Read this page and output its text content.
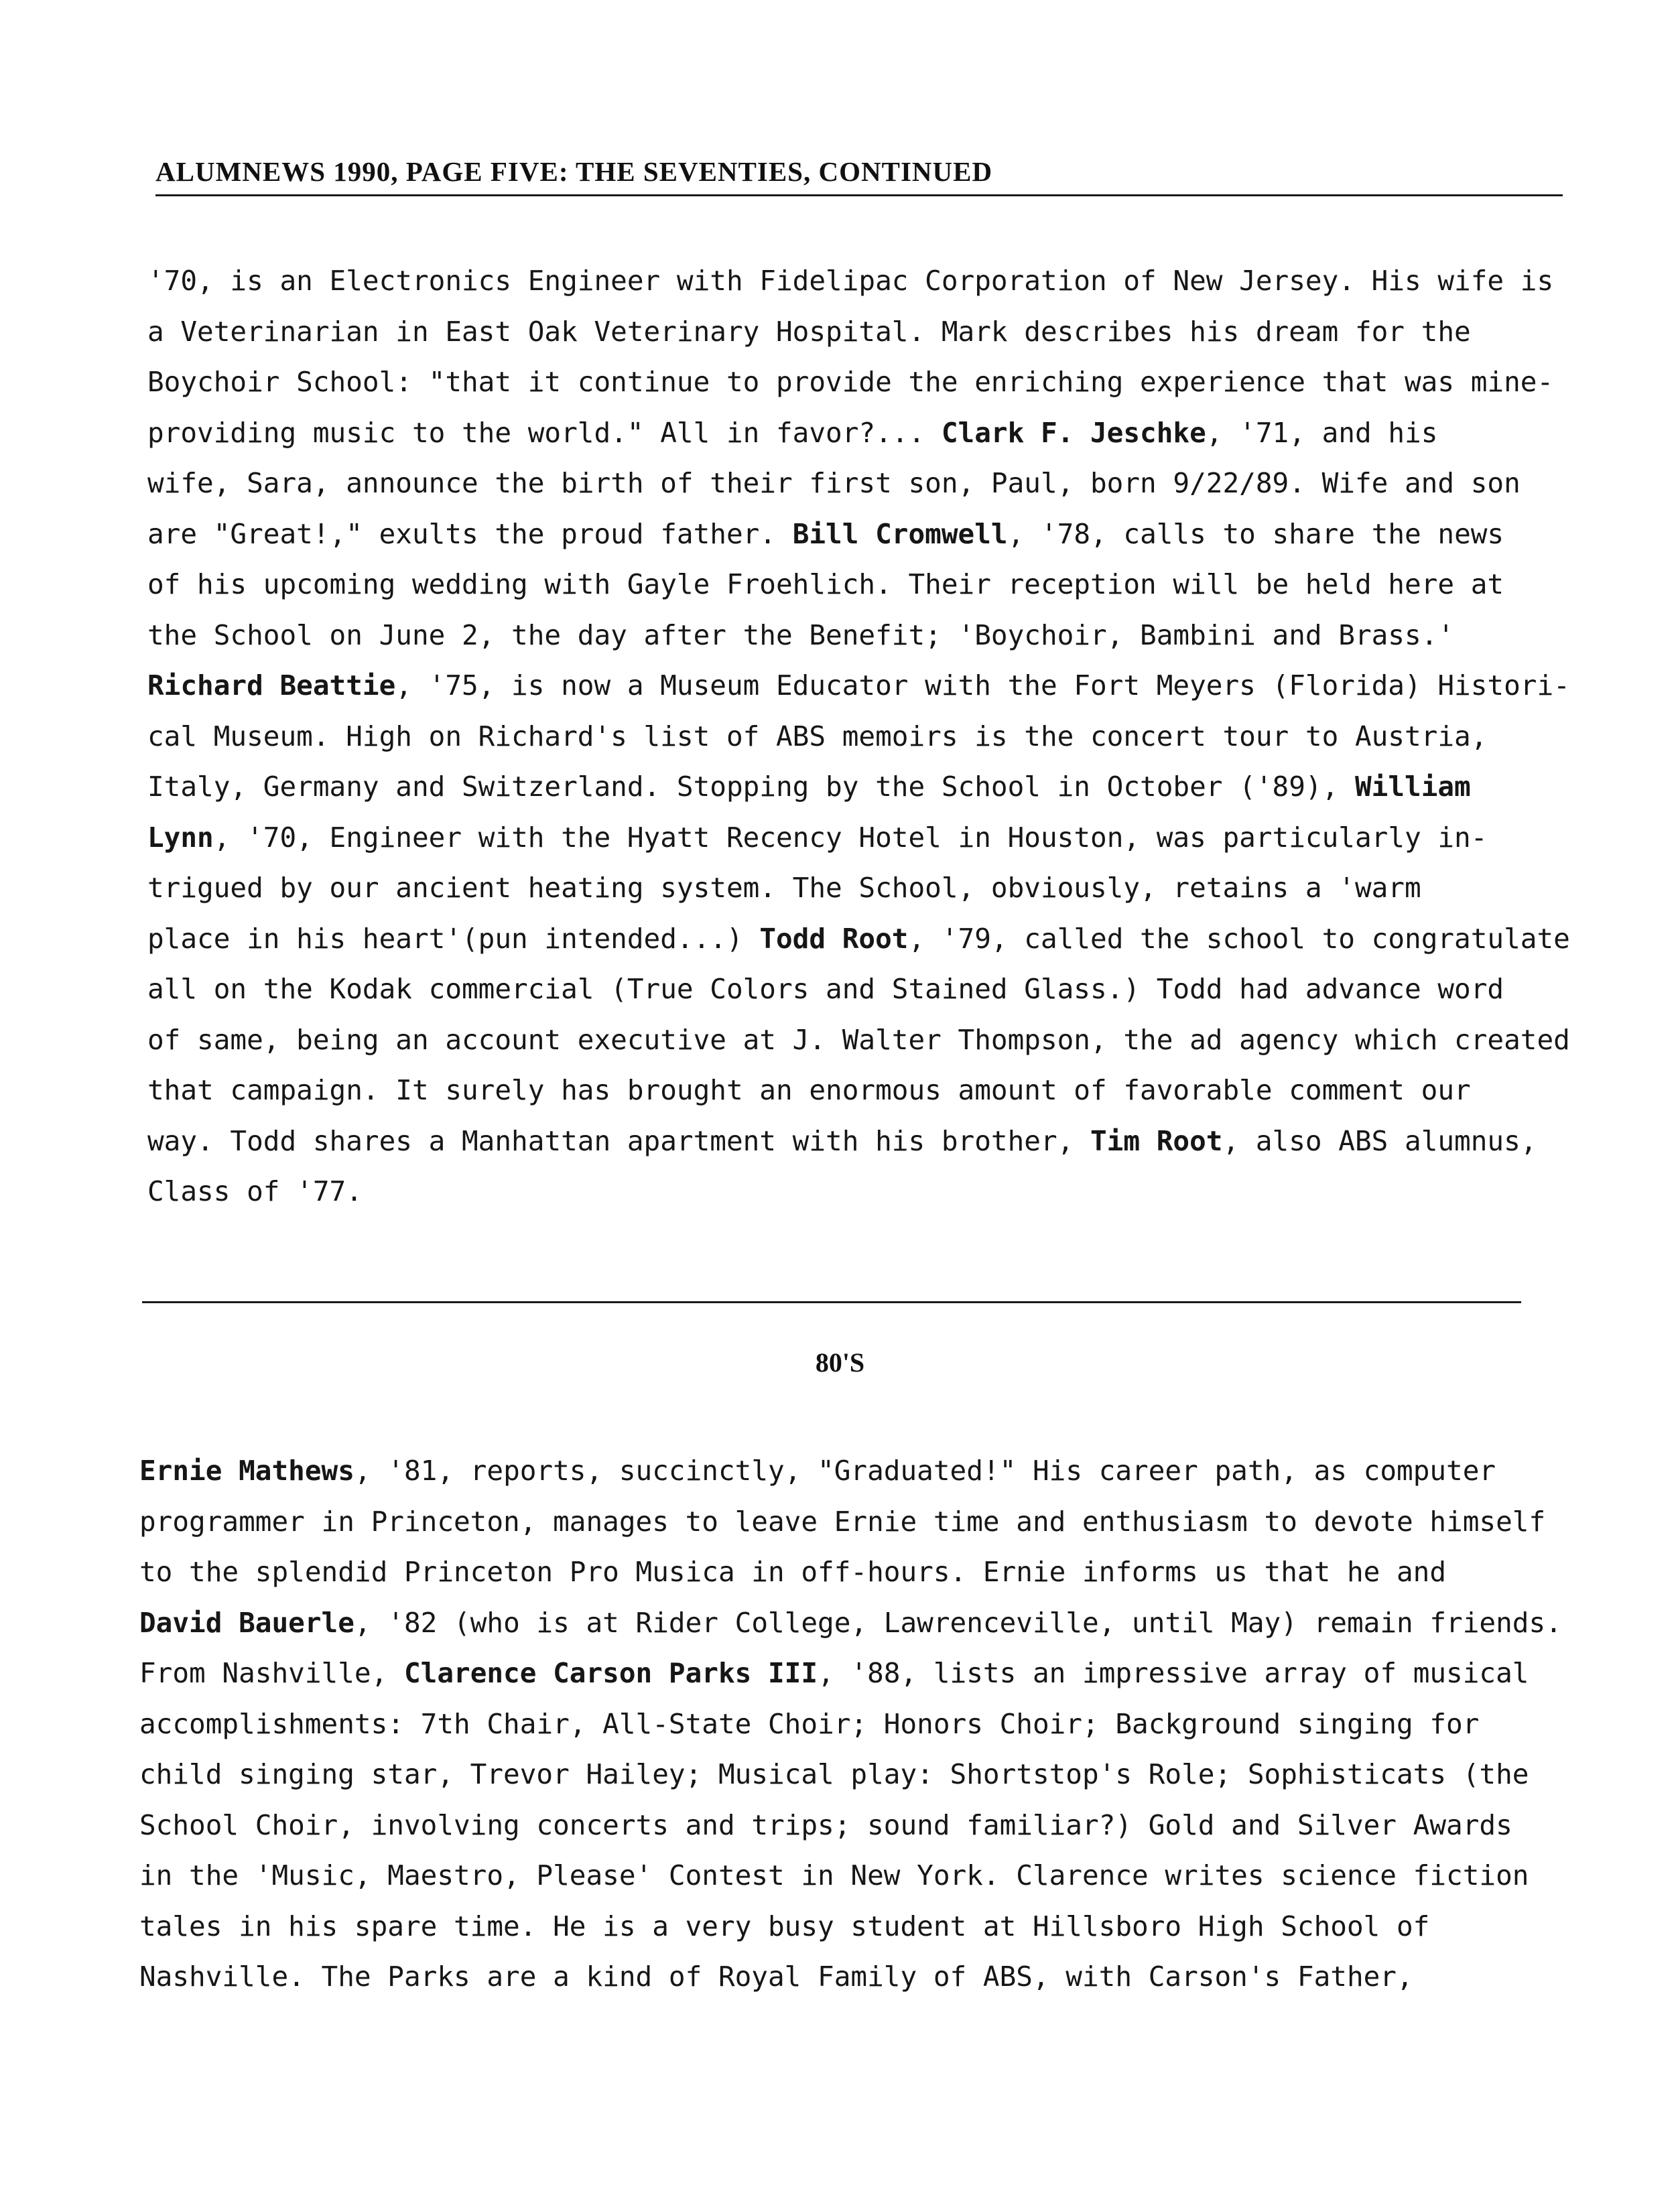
ALUMNEWS 1990, PAGE FIVE: THE SEVENTIES, CONTINUED
'70, is an Electronics Engineer with Fidelipac Corporation of New Jersey. His wife is
a Veterinarian in East Oak Veterinary Hospital. Mark describes his dream for the
Boychoir School: "that it continue to provide the enriching experience that was mine-
providing music to the world." All in favor?... Clark F. Jeschke, '71, and his
wife, Sara, announce the birth of their first son, Paul, born 9/22/89. Wife and son
are "Great!," exults the proud father. Bill Cromwell, '78, calls to share the news
of his upcoming wedding with Gayle Froehlich. Their reception will be held here at
the School on June 2, the day after the Benefit; 'Boychoir, Bambini and Brass.'
Richard Beattie, '75, is now a Museum Educator with the Fort Meyers (Florida) Histori-
cal Museum. High on Richard's list of ABS memoirs is the concert tour to Austria,
Italy, Germany and Switzerland. Stopping by the School in October ('89), William
Lynn, '70, Engineer with the Hyatt Recency Hotel in Houston, was particularly in-
trigued by our ancient heating system. The School, obviously, retains a 'warm
place in his heart'(pun intended...) Todd Root, '79, called the school to congratulate
all on the Kodak commercial (True Colors and Stained Glass.) Todd had advance word
of same, being an account executive at J. Walter Thompson, the ad agency which created
that campaign. It surely has brought an enormous amount of favorable comment our
way. Todd shares a Manhattan apartment with his brother, Tim Root, also ABS alumnus,
Class of '77.
80'S
Ernie Mathews, '81, reports, succinctly, "Graduated!" His career path, as computer
programmer in Princeton, manages to leave Ernie time and enthusiasm to devote himself
to the splendid Princeton Pro Musica in off-hours. Ernie informs us that he and
David Bauerle, '82 (who is at Rider College, Lawrenceville, until May) remain friends.
From Nashville, Clarence Carson Parks III, '88, lists an impressive array of musical
accomplishments: 7th Chair, All-State Choir; Honors Choir; Background singing for
child singing star, Trevor Hailey; Musical play: Shortstop's Role; Sophisticats (the
School Choir, involving concerts and trips; sound familiar?) Gold and Silver Awards
in the 'Music, Maestro, Please' Contest in New York. Clarence writes science fiction
tales in his spare time. He is a very busy student at Hillsboro High School of
Nashville. The Parks are a kind of Royal Family of ABS, with Carson's Father,
